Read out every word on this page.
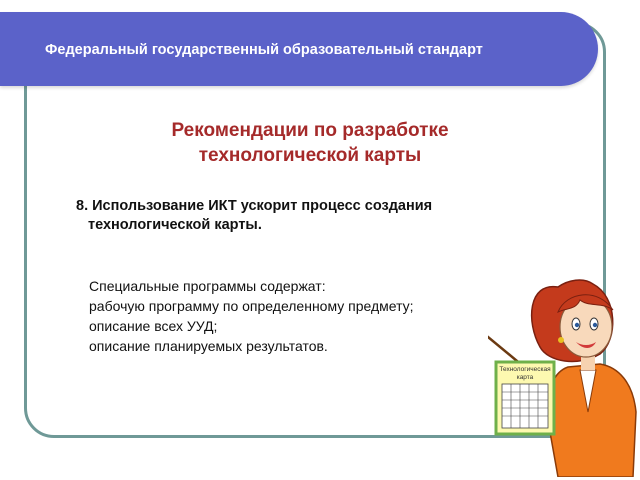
Федеральный государственный образовательный стандарт
Рекомендации по разработке
технологической карты
8. Использование ИКТ ускорит процесс создания
технологической карты.
Специальные программы содержат:
рабочую программу по определенному предмету;
описание всех УУД;
описание планируемых результатов.
Технологическая
карта
